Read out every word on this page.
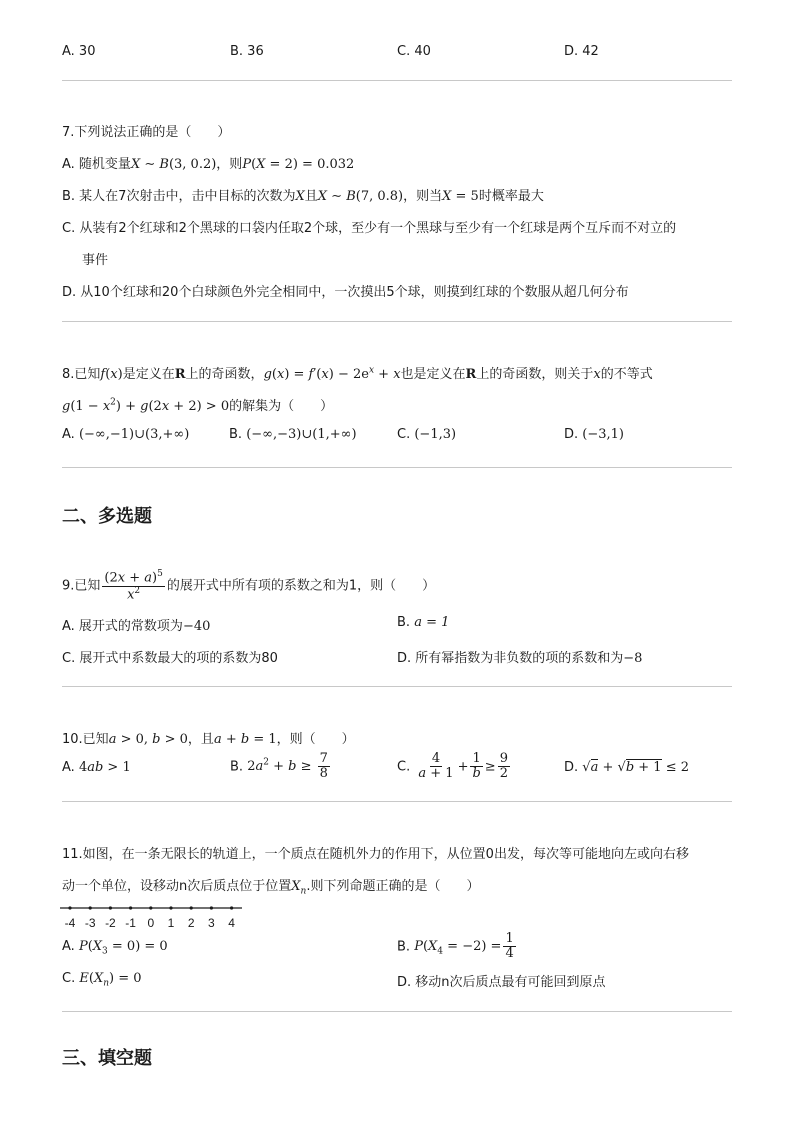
A. 30	B. 36	C. 40	D. 42
7.下列说法正确的是（　　）
A. 随机变量X ∼ B(3, 0.2)，则P(X = 2) = 0.032
B. 某人在7次射击中，击中目标的次数为X且X ∼ B(7, 0.8)，则当X = 5时概率最大
C. 从装有2个红球和2个黑球的口袋内任取2个球，至少有一个黑球与至少有一个红球是两个互斥而不对立的
事件
D. 从10个红球和20个白球颜色外完全相同中，一次摸出5个球，则摸到红球的个数服从超几何分布
8.已知f(x)是定义在R上的奇函数，$g(x) = f'(x) - 2e^x + x$也是定义在R上的奇函数，则关于x的不等式
$g(1 - x^2) + g(2x + 2) > 0$的解集为（　　）
A. (−∞,−1)∪(3,+∞)	B. (−∞,−3)∪(1,+∞)	C. (−1,3)	D. (−3,1)
二、多选题
9.已知 $\frac{(2x + a)^5}{x^2}$ 的展开式中所有项的系数之和为1，则（　　）
A. 展开式的常数项为−40	B. a = 1
C. 展开式中系数最大的项的系数为80	D. 所有幂指数为非负数的项的系数和为−8
10.已知a > 0, b > 0，且a + b = 1，则（　　）
A. 4ab > 1	B. $2a^2 + b \ge \frac{7}{8}$	C. $\frac{4}{a + 1} + \frac{1}{b} \ge \frac{9}{2}$	D. √a + √b + 1 ≤ 2
11.如图，在一条无限长的轨道上，一个质点在随机外力的作用下，从位置0出发，每次等可能地向左或向右移
动一个单位，设移动n次后质点位于位置$X_n$.则下列命题正确的是（　　）
-4 -3 -2 -1 0 1 2 3 4
A. $P(X_3 = 0) = 0$	B. $P(X_4 = -2) = \frac{1}{4}$
C. $E(X_n) = 0$	D. 移动n次后质点最有可能回到原点
三、填空题
